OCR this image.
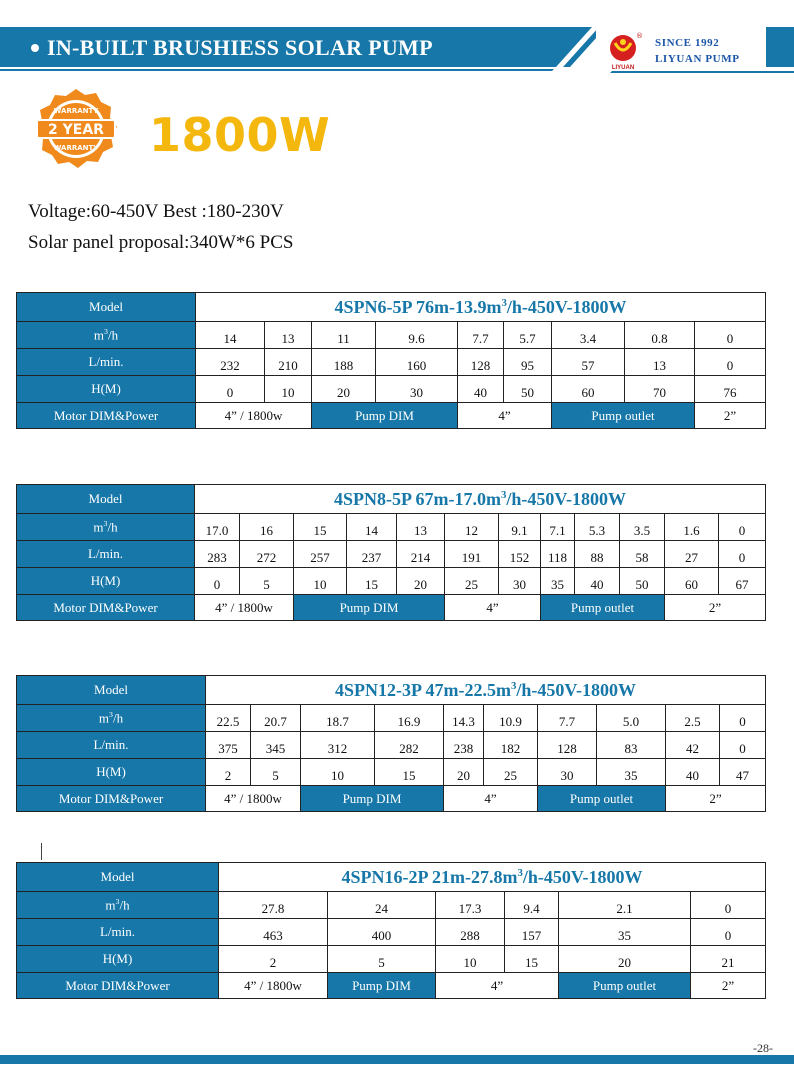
IN-BUILT BRUSHIESS SOLAR PUMP	®
LIYUAN
SINCE 1992
LIYUAN PUMP
2 YEAR
WARRANTY
WARRANTY 1800W
Voltage:60-450V Best :180-230V
Solar panel proposal:340W*6 PCS
Model	4SPN6-5P $76m-13.9m^3/h-450V-1800W$								
$m^3/h$	14	13	11	9.6	7.7	5.7	3.4	0.8	0
L/min.	232	210	188	160	128	95	57	13	0
H(M)	0	10	20	30	40	50	60	70	76
Motor DIM&Power	4” / 1800w		Pump DIM		4”		Pump outlet		2”
Model	4SPN8-5P $67m-17.0m^3/h-450V-1800W$											
$m^3/h$	17.0	16	15	14	13	12	9.1	7.1	5.3	3.5	1.6	0
L/min.	283	272	257	237	214	191	152	118	88	58	27	0
H(M)	0	5	10	15	20	25	30	35	40	50	60	67
Motor DIM&Power	4” / 1800w		Pump DIM			4”		Pump outlet			2”	
Model	4SPN12-3P $47m-22.5m^3/h-450V-1800W$									
$m^3/h$	22.5	20.7	18.7	16.9	14.3	10.9	7.7	5.0	2.5	0
L/min.	375	345	312	282	238	182	128	83	42	0
H(M)	2	5	10	15	20	25	30	35	40	47
Motor DIM&Power	4” / 1800w		Pump DIM		4”		Pump outlet		2”	
Model	4SPN16-2P $21m-27.8m^3/h-450V-1800W$					
$m^3/h$	27.8	24	17.3	9.4	2.1	0
L/min.	463	400	288	157	35	0
H(M)	2	5	10	15	20	21
Motor DIM&Power	4” / 1800w	Pump DIM	4”		Pump outlet	2”
-28-
